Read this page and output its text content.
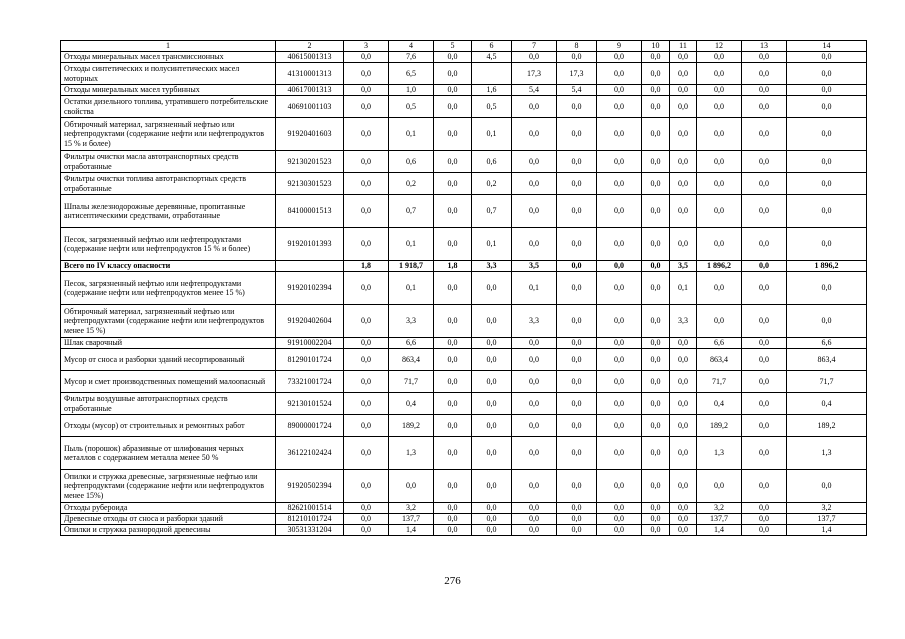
1	2	3	4	5	6	7	8	9	10	11	12	13	14
Отходы минеральных масел трансмиссионных	40615001313	0,0	7,6	0,0	4,5	0,0	0,0	0,0	0,0	0,0	0,0	0,0	0,0
Отходы синтетических и полусинтетических масел моторных	41310001313	0,0	6,5	0,0		17,3	17,3	0,0	0,0	0,0	0,0	0,0	0,0
Отходы минеральных масел турбинных	40617001313	0,0	1,0	0,0	1,6	5,4	5,4	0,0	0,0	0,0	0,0	0,0	0,0
Остатки дизельного топлива, утратившего потребительские свойства	40691001103	0,0	0,5	0,0	0,5	0,0	0,0	0,0	0,0	0,0	0,0	0,0	0,0
Обтирочный материал, загрязненный нефтью или нефтепродуктами (содержание нефти или нефтепродуктов 15 % и более)	91920401603	0,0	0,1	0,0	0,1	0,0	0,0	0,0	0,0	0,0	0,0	0,0	0,0
Фильтры очистки масла автотранспортных средств отработанные	92130201523	0,0	0,6	0,0	0,6	0,0	0,0	0,0	0,0	0,0	0,0	0,0	0,0
Фильтры очистки топлива автотранспортных средств отработанные	92130301523	0,0	0,2	0,0	0,2	0,0	0,0	0,0	0,0	0,0	0,0	0,0	0,0
Шпалы железнодорожные деревянные, пропитанные антисептическими средствами, отработанные	84100001513	0,0	0,7	0,0	0,7	0,0	0,0	0,0	0,0	0,0	0,0	0,0	0,0
Песок, загрязненный нефтью или нефтепродуктами (содержание нефти или нефтепродуктов 15 % и более)	91920101393	0,0	0,1	0,0	0,1	0,0	0,0	0,0	0,0	0,0	0,0	0,0	0,0
Всего по IV классу опасности		1,8	1 918,7	1,8	3,3	3,5	0,0	0,0	0,0	3,5	1 896,2	0,0	1 896,2
Песок, загрязненный нефтью или нефтепродуктами (содержание нефти или нефтепродуктов менее 15 %)	91920102394	0,0	0,1	0,0	0,0	0,1	0,0	0,0	0,0	0,1	0,0	0,0	0,0
Обтирочный материал, загрязненный нефтью или нефтепродуктами (содержание нефти или нефтепродуктов менее 15 %)	91920402604	0,0	3,3	0,0	0,0	3,3	0,0	0,0	0,0	3,3	0,0	0,0	0,0
Шлак сварочный	91910002204	0,0	6,6	0,0	0,0	0,0	0,0	0,0	0,0	0,0	6,6	0,0	6,6
Мусор от сноса и разборки зданий несортированный	81290101724	0,0	863,4	0,0	0,0	0,0	0,0	0,0	0,0	0,0	863,4	0,0	863,4
Мусор и смет производственных помещений малоопасный	73321001724	0,0	71,7	0,0	0,0	0,0	0,0	0,0	0,0	0,0	71,7	0,0	71,7
Фильтры воздушные автотранспортных средств отработанные	92130101524	0,0	0,4	0,0	0,0	0,0	0,0	0,0	0,0	0,0	0,4	0,0	0,4
Отходы (мусор) от строительных и ремонтных работ	89000001724	0,0	189,2	0,0	0,0	0,0	0,0	0,0	0,0	0,0	189,2	0,0	189,2
Пыль (порошок) абразивные от шлифования черных металлов с содержанием металла менее 50 %	36122102424	0,0	1,3	0,0	0,0	0,0	0,0	0,0	0,0	0,0	1,3	0,0	1,3
Опилки и стружка древесные, загрязненные нефтью или нефтепродуктами (содержание нефти или нефтепродуктов менее 15%)	91920502394	0,0	0,0	0,0	0,0	0,0	0,0	0,0	0,0	0,0	0,0	0,0	0,0
Отходы рубероида	82621001514	0,0	3,2	0,0	0,0	0,0	0,0	0,0	0,0	0,0	3,2	0,0	3,2
Древесные отходы от сноса и разборки зданий	81210101724	0,0	137,7	0,0	0,0	0,0	0,0	0,0	0,0	0,0	137,7	0,0	137,7
Опилки и стружка разнородной древесины	30531331204	0,0	1,4	0,0	0,0	0,0	0,0	0,0	0,0	0,0	1,4	0,0	1,4
276
